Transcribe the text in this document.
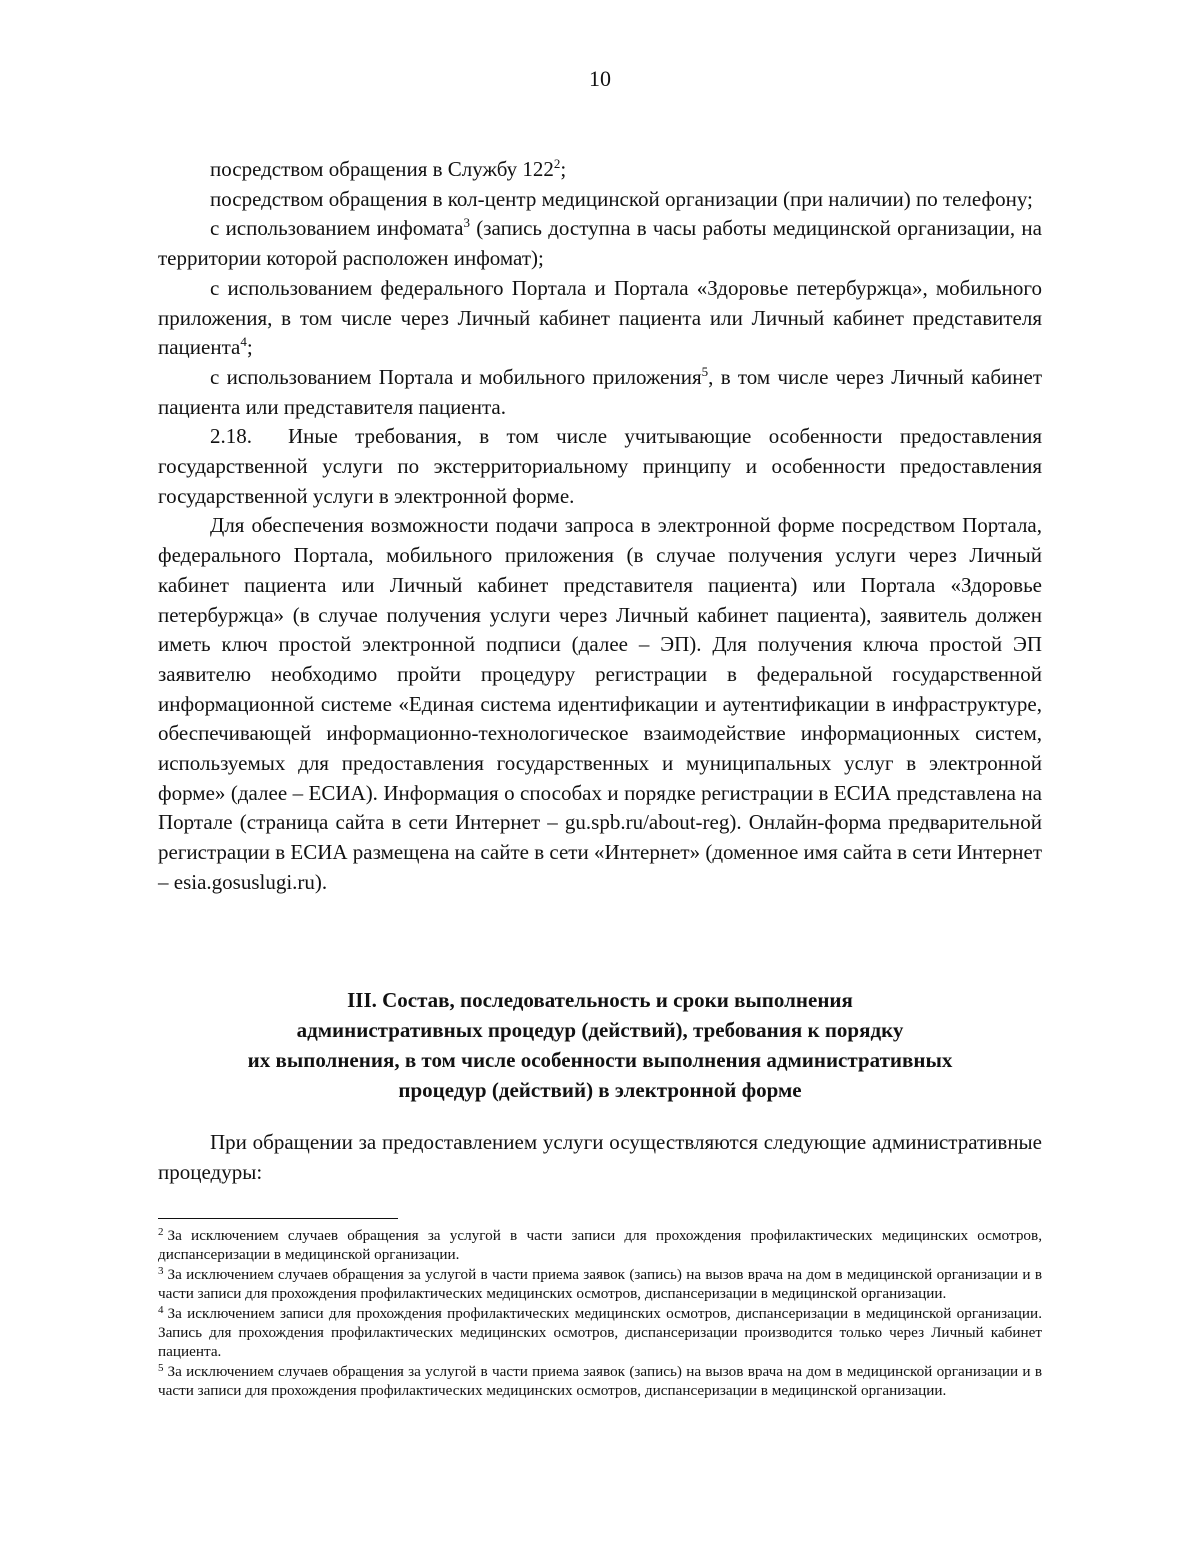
10

посредством обращения в Службу $122^2$;

посредством обращения в кол-центр медицинской организации (при наличии) по телефону;

с использованием инфомата$^3$ (запись доступна в часы работы медицинской организации, на территории которой расположен инфомат);

с использованием федерального Портала и Портала «Здоровье петербуржца», мобильного приложения, в том числе через Личный кабинет пациента или Личный кабинет представителя пациента$^4$;

с использованием Портала и мобильного приложения$^5$, в том числе через Личный кабинет пациента или представителя пациента.

2.18. Иные требования, в том числе учитывающие особенности предоставления государственной услуги по экстерриториальному принципу и особенности предоставления государственной услуги в электронной форме.

Для обеспечения возможности подачи запроса в электронной форме посредством Портала, федерального Портала, мобильного приложения (в случае получения услуги через Личный кабинет пациента или Личный кабинет представителя пациента) или Портала «Здоровье петербуржца» (в случае получения услуги через Личный кабинет пациента), заявитель должен иметь ключ простой электронной подписи (далее – ЭП). Для получения ключа простой ЭП заявителю необходимо пройти процедуру регистрации в федеральной государственной информационной системе «Единая система идентификации и аутентификации в инфраструктуре, обеспечивающей информационно-технологическое взаимодействие информационных систем, используемых для предоставления государственных и муниципальных услуг в электронной форме» (далее – ЕСИА). Информация о способах и порядке регистрации в ЕСИА представлена на Портале (страница сайта в сети Интернет – gu.spb.ru/about-reg). Онлайн-форма предварительной регистрации в ЕСИА размещена на сайте в сети «Интернет» (доменное имя сайта в сети Интернет – esia.gosuslugi.ru).

III. Состав, последовательность и сроки выполнения
административных процедур (действий), требования к порядку
их выполнения, в том числе особенности выполнения административных
процедур (действий) в электронной форме

При обращении за предоставлением услуги осуществляются следующие административные процедуры:

$^2$ За исключением случаев обращения за услугой в части записи для прохождения профилактических медицинских осмотров, диспансеризации в медицинской организации.

$^3$ За исключением случаев обращения за услугой в части приема заявок (запись) на вызов врача на дом в медицинской организации и в части записи для прохождения профилактических медицинских осмотров, диспансеризации в медицинской организации.

$^4$ За исключением записи для прохождения профилактических медицинских осмотров, диспансеризации в медицинской организации. Запись для прохождения профилактических медицинских осмотров, диспансеризации производится только через Личный кабинет пациента.

$^5$ За исключением случаев обращения за услугой в части приема заявок (запись) на вызов врача на дом в медицинской организации и в части записи для прохождения профилактических медицинских осмотров, диспансеризации в медицинской организации.
